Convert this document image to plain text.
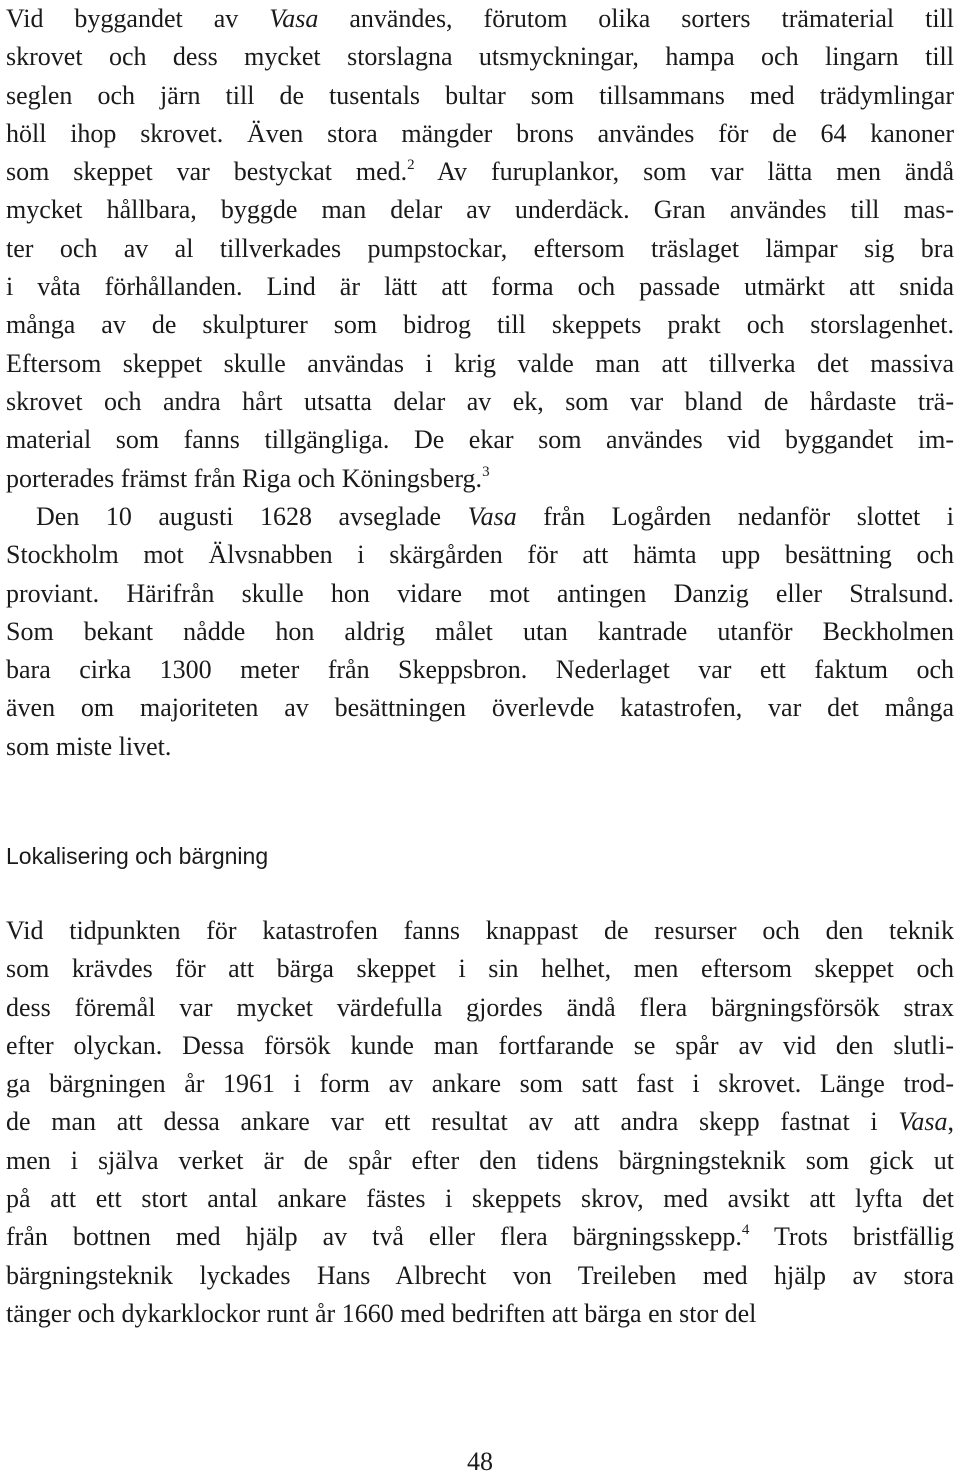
Vid byggandet av Vasa användes, förutom olika sorters trämaterial till
skrovet och dess mycket storslagna utsmyckningar, hampa och lingarn till
seglen och järn till de tusentals bultar som tillsammans med trädymlingar
höll ihop skrovet. Även stora mängder brons användes för de 64 kanoner
som skeppet var bestyckat med.$^2$ Av furuplankor, som var lätta men ändå
mycket hållbara, byggde man delar av underdäck. Gran användes till mas-
ter och av al tillverkades pumpstockar, eftersom träslaget lämpar sig bra
i våta förhållanden. Lind är lätt att forma och passade utmärkt att snida
många av de skulpturer som bidrog till skeppets prakt och storslagenhet.
Eftersom skeppet skulle användas i krig valde man att tillverka det massiva
skrovet och andra hårt utsatta delar av ek, som var bland de hårdaste trä-
material som fanns tillgängliga. De ekar som användes vid byggandet im-
porterades främst från Riga och Köningsberg.$^3$
Den 10 augusti 1628 avseglade Vasa från Logården nedanför slottet i
Stockholm mot Älvsnabben i skärgården för att hämta upp besättning och
proviant. Härifrån skulle hon vidare mot antingen Danzig eller Stralsund.
Som bekant nådde hon aldrig målet utan kantrade utanför Beckholmen
bara cirka 1300 meter från Skeppsbron. Nederlaget var ett faktum och
även om majoriteten av besättningen överlevde katastrofen, var det många
som miste livet.
Lokalisering och bärgning
Vid tidpunkten för katastrofen fanns knappast de resurser och den teknik
som krävdes för att bärga skeppet i sin helhet, men eftersom skeppet och
dess föremål var mycket värdefulla gjordes ändå flera bärgningsförsök strax
efter olyckan. Dessa försök kunde man fortfarande se spår av vid den slutli-
ga bärgningen år 1961 i form av ankare som satt fast i skrovet. Länge trod-
de man att dessa ankare var ett resultat av att andra skepp fastnat i Vasa,
men i själva verket är de spår efter den tidens bärgningsteknik som gick ut
på att ett stort antal ankare fästes i skeppets skrov, med avsikt att lyfta det
från bottnen med hjälp av två eller flera bärgningsskepp.$^4$ Trots bristfällig
bärgningsteknik lyckades Hans Albrecht von Treileben med hjälp av stora
tänger och dykarklockor runt år 1660 med bedriften att bärga en stor del
48
